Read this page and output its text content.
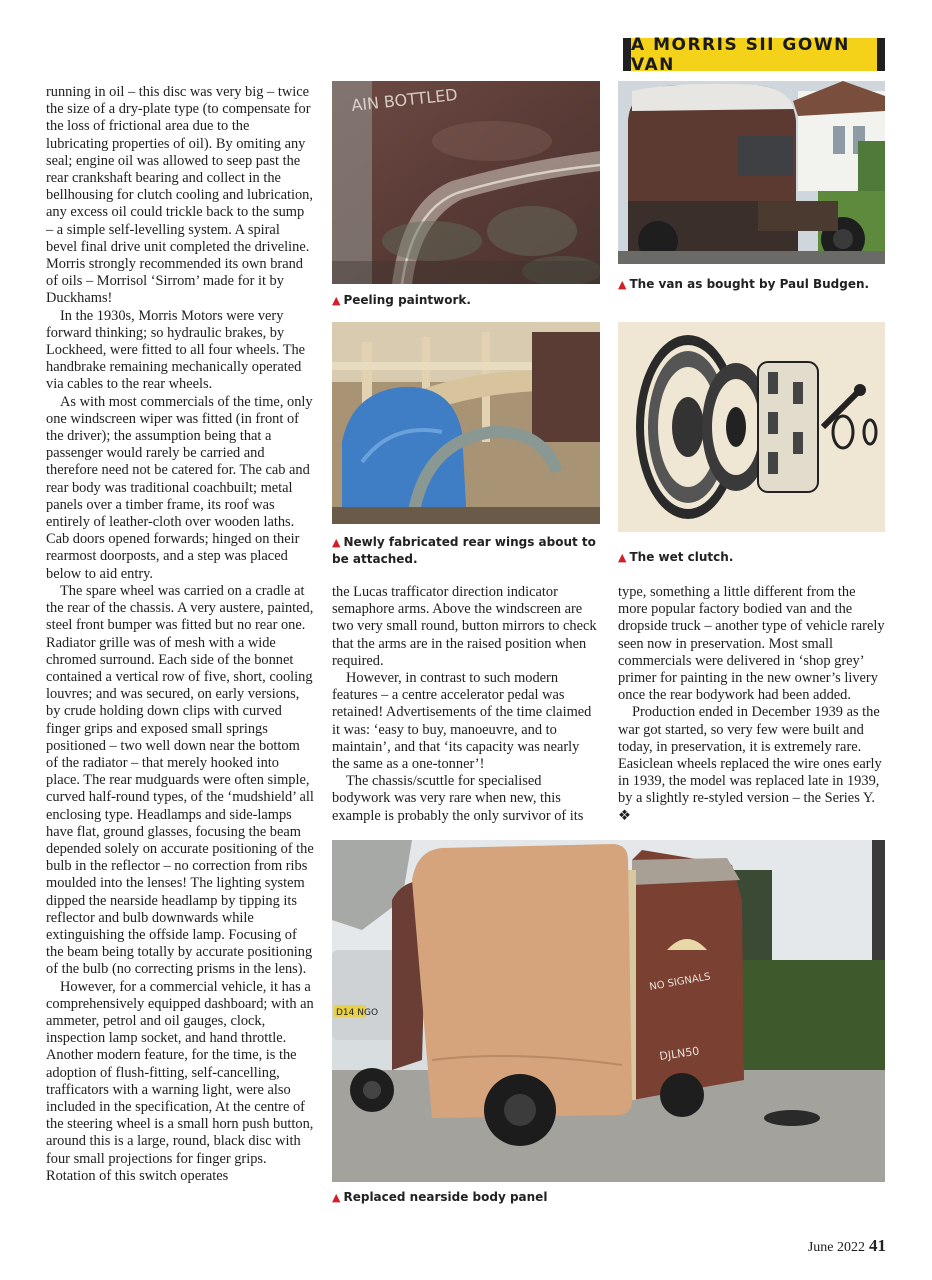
A MORRIS SII GOWN VAN

running in oil – this disc was very big – twice the size of a dry-plate type (to compensate for the loss of frictional area due to the lubricating properties of oil). By omiting any seal; engine oil was allowed to seep past the rear crankshaft bearing and collect in the bellhousing for clutch cooling and lubrication, any excess oil could trickle back to the sump – a simple self-levelling system. A spiral bevel final drive unit completed the driveline. Morris strongly recommended its own brand of oils – Morrisol ‘Sirrom’ made for it by Duckhams!

In the 1930s, Morris Motors were very forward thinking; so hydraulic brakes, by Lockheed, were fitted to all four wheels. The handbrake remaining mechanically operated via cables to the rear wheels.

As with most commercials of the time, only one windscreen wiper was fitted (in front of the driver); the assumption being that a passenger would rarely be carried and therefore need not be catered for. The cab and rear body was traditional coachbuilt; metal panels over a timber frame, its roof was entirely of leather-cloth over wooden laths. Cab doors opened forwards; hinged on their rearmost doorposts, and a step was placed below to aid entry.

The spare wheel was carried on a cradle at the rear of the chassis. A very austere, painted, steel front bumper was fitted but no rear one. Radiator grille was of mesh with a wide chromed surround. Each side of the bonnet contained a vertical row of five, short, cooling louvres; and was secured, on early versions, by crude holding down clips with curved finger grips and exposed small springs positioned – two well down near the bottom of the radiator – that merely hooked into place. The rear mudguards were often simple, curved half-round types, of the ‘mudshield’ all enclosing type. Headlamps and side-lamps have flat, ground glasses, focusing the beam depended solely on accurate positioning of the bulb in the reflector – no correction from ribs moulded into the lenses! The lighting system dipped the nearside headlamp by tipping its reflector and bulb downwards while extinguishing the offside lamp. Focusing of the beam being totally by accurate positioning of the bulb (no correcting prisms in the lens).

However, for a commercial vehicle, it has a comprehensively equipped dashboard; with an ammeter, petrol and oil gauges, clock, inspection lamp socket, and hand throttle. Another modern feature, for the time, is the adoption of flush-fitting, self-cancelling, trafficators with a warning light, were also included in the specification, At the centre of the steering wheel is a small horn push button, around this is a large, round, black disc with four small projections for finger grips. Rotation of this switch operates

AIN BOTTLED
▲ Peeling paintwork.
▲ The van as bought by Paul Budgen.
▲ Newly fabricated rear wings about to be attached.	▲ The wet clutch.

the Lucas trafficator direction indicator semaphore arms. Above the windscreen are two very small round, button mirrors to check that the arms are in the raised position when required.

However, in contrast to such modern features – a centre accelerator pedal was retained! Advertisements of the time claimed it was: ‘easy to buy, manoeuvre, and to maintain’, and that ‘its capacity was nearly the same as a one-tonner’!

The chassis/scuttle for specialised bodywork was very rare when new, this example is probably the only survivor of its

type, something a little different from the more popular factory bodied van and the dropside truck – another type of vehicle rarely seen now in preservation. Most small commercials were delivered in ‘shop grey’ primer for painting in the new owner’s livery once the rear bodywork had been added.

Production ended in December 1939 as the war got started, so very few were built and today, in preservation, it is extremely rare. Easiclean wheels replaced the wire ones early in 1939, the model was replaced late in 1939, by a slightly re-styled version – the Series Y. ❖

D14 NGO
NO SIGNALS
DJLN50
▲ Replaced nearside body panel
June 2022 41
